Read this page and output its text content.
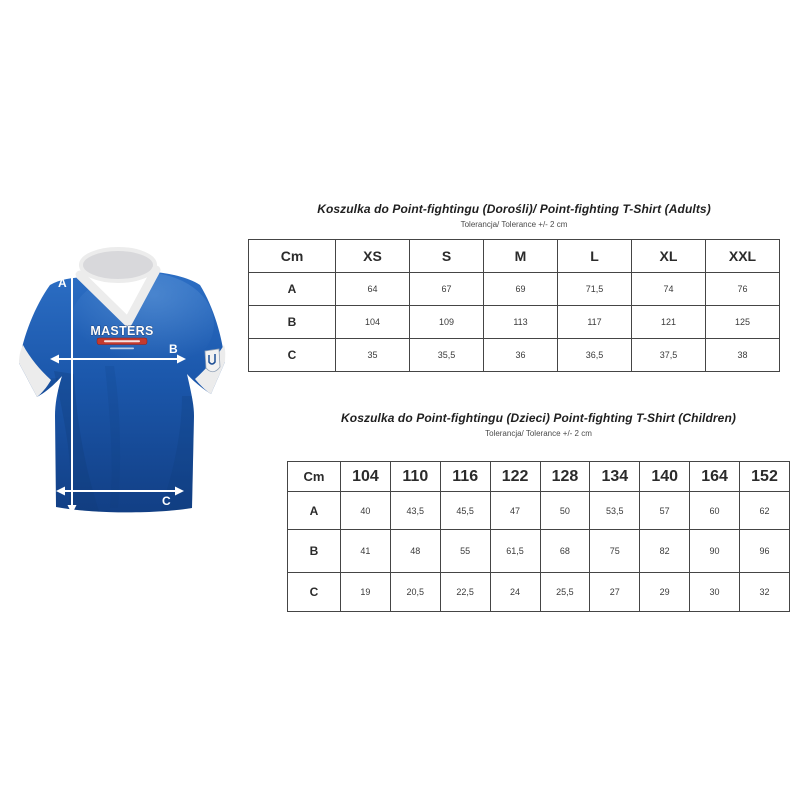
MASTERS
A
B
C
Koszulka do Point-fightingu (Dorośli)/ Point-fighting T-Shirt (Adults)
Tolerancja/ Tolerance +/- 2 cm
Cm	XS	S	M	L	XL	XXL
A	64	67	69	71,5	74	76
B	104	109	113	117	121	125
C	35	35,5	36	36,5	37,5	38
Koszulka do Point-fightingu (Dzieci) Point-fighting T-Shirt (Children)
Tolerancja/ Tolerance +/- 2 cm
Cm	104	110	116	122	128	134	140	164	152
A	40	43,5	45,5	47	50	53,5	57	60	62
B	41	48	55	61,5	68	75	82	90	96
C	19	20,5	22,5	24	25,5	27	29	30	32
